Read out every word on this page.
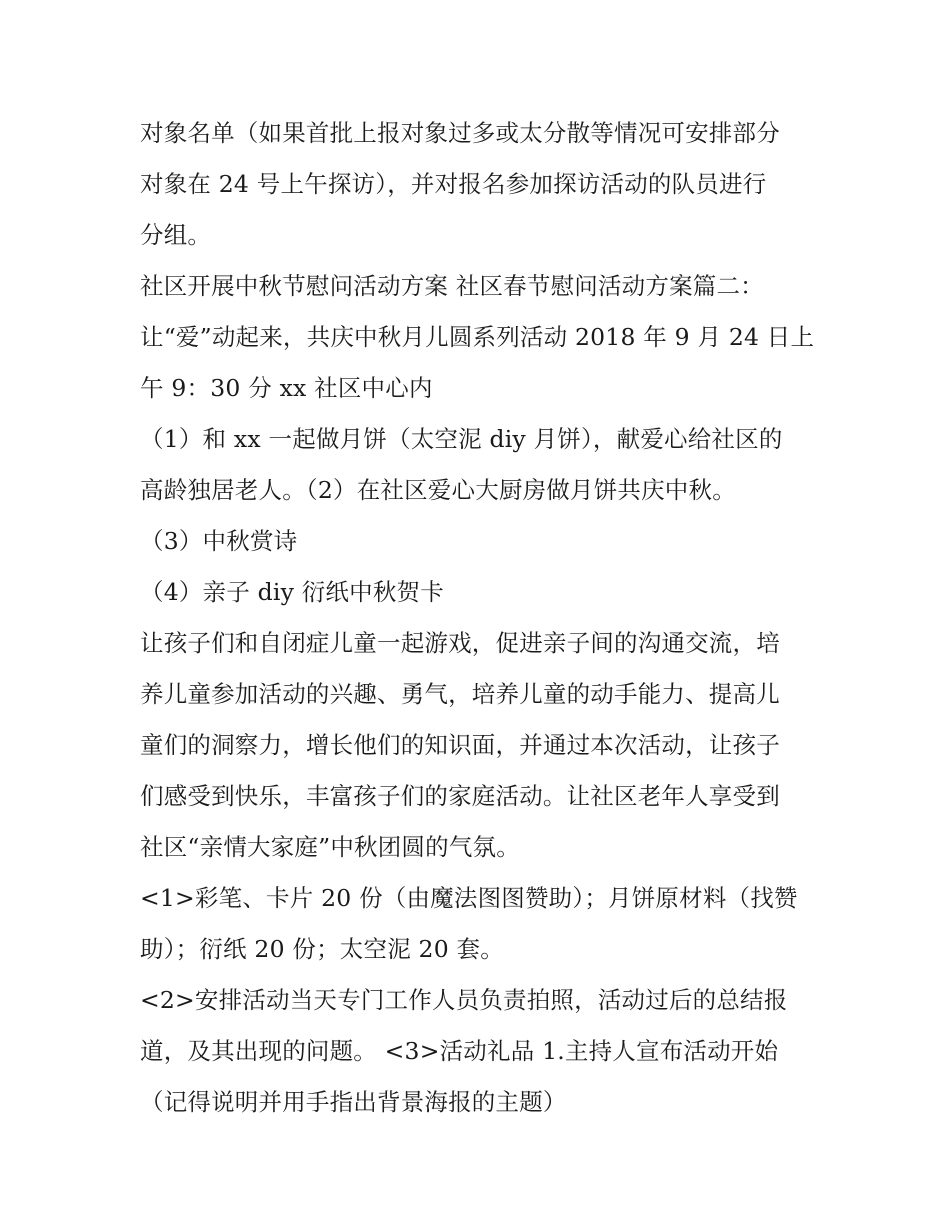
对象名单（如果首批上报对象过多或太分散等情况可安排部分
对象在 24 号上午探访），并对报名参加探访活动的队员进行
分组。
社区开展中秋节慰问活动方案 社区春节慰问活动方案篇二：
让“爱”动起来，共庆中秋月儿圆系列活动 2018 年 9 月 24 日上
午 9：30 分 xx 社区中心内
（1）和 xx 一起做月饼（太空泥 diy 月饼），献爱心给社区的
高龄独居老人。（2）在社区爱心大厨房做月饼共庆中秋。
（3）中秋赏诗
（4）亲子 diy 衍纸中秋贺卡
让孩子们和自闭症儿童一起游戏，促进亲子间的沟通交流，培
养儿童参加活动的兴趣、勇气，培养儿童的动手能力、提高儿
童们的洞察力，增长他们的知识面，并通过本次活动，让孩子
们感受到快乐，丰富孩子们的家庭活动。让社区老年人享受到
社区“亲情大家庭”中秋团圆的气氛。
<1>彩笔、卡片 20 份（由魔法图图赞助）；月饼原材料（找赞
助）；衍纸 20 份；太空泥 20 套。
<2>安排活动当天专门工作人员负责拍照，活动过后的总结报
道，及其出现的问题。 <3>活动礼品 1.主持人宣布活动开始
（记得说明并用手指出背景海报的主题）
